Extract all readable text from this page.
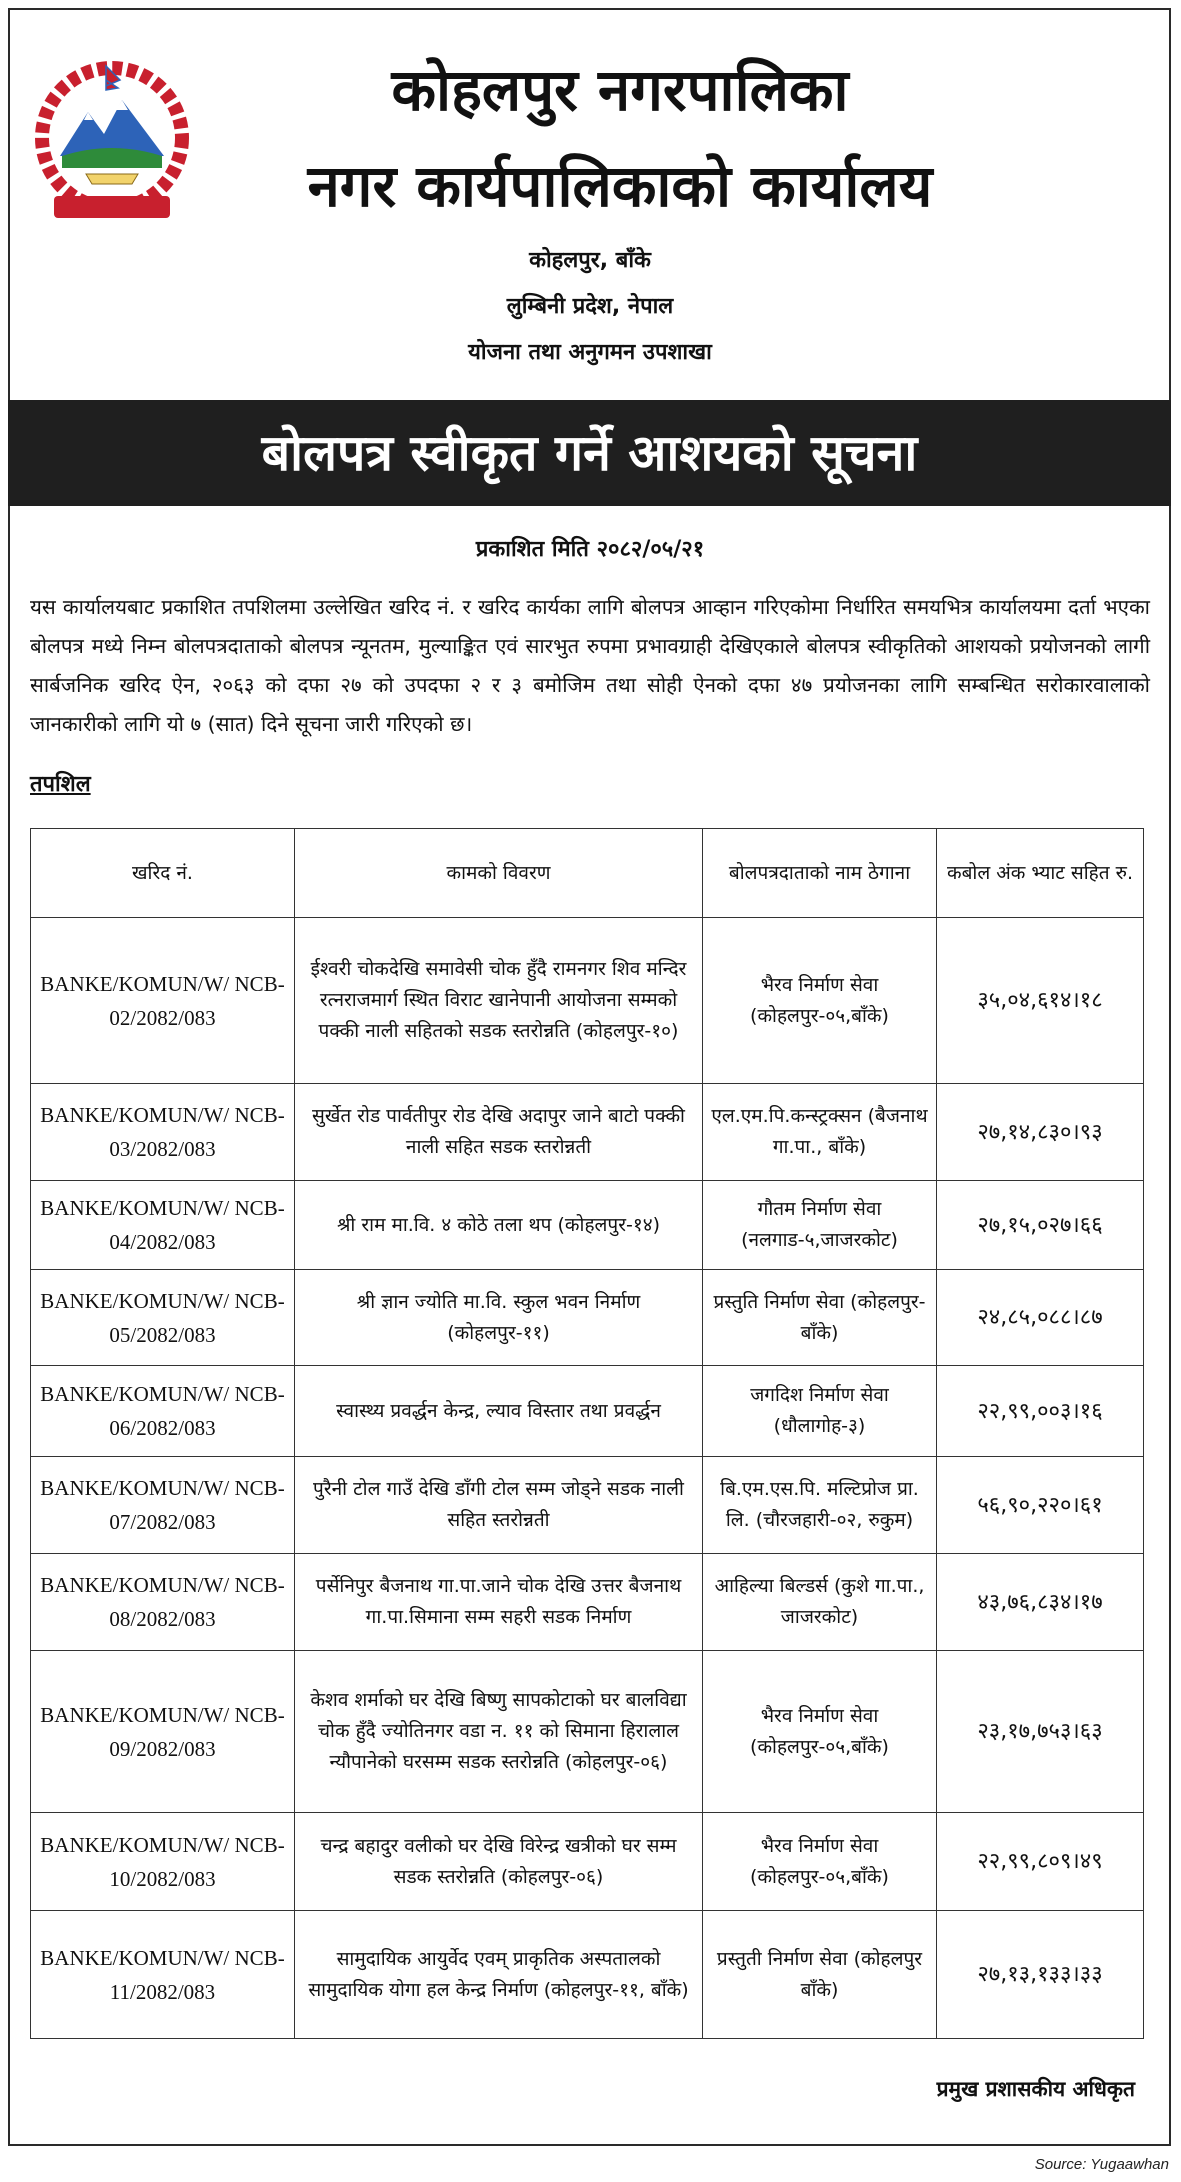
कोहलपुर नगरपालिका
नगर कार्यपालिकाको कार्यालय
कोहलपुर, बाँके
लुम्बिनी प्रदेश, नेपाल
योजना तथा अनुगमन उपशाखा
बोलपत्र स्वीकृत गर्ने आशयको सूचना
प्रकाशित मिति २०८२/०५/२१
यस कार्यालयबाट प्रकाशित तपशिलमा उल्लेखित खरिद नं. र खरिद कार्यका लागि बोलपत्र आव्हान गरिएकोमा निर्धारित समयभित्र कार्यालयमा दर्ता भएका बोलपत्र मध्ये निम्न बोलपत्रदाताको बोलपत्र न्यूनतम, मुल्याङ्कित एवं सारभुत रुपमा प्रभावग्राही देखिएकाले बोलपत्र स्वीकृतिको आशयको प्रयोजनको लागी सार्बजनिक खरिद ऐन, २०६३ को दफा २७ को उपदफा २ र ३ बमोजिम तथा सोही ऐनको दफा ४७ प्रयोजनका लागि सम्बन्धित सरोकारवालाको जानकारीको लागि यो ७ (सात) दिने सूचना जारी गरिएको छ।
तपशिल
खरिद नं.	कामको विवरण	बोलपत्रदाताको नाम ठेगाना	कबोल अंक भ्याट सहित रु.
BANKE/KOMUN/W/ NCB-02/2082/083	ईश्वरी चोकदेखि समावेसी चोक हुँदै रामनगर शिव मन्दिर रत्नराजमार्ग स्थित विराट खानेपानी आयोजना सम्मको पक्की नाली सहितको सडक स्तरोन्नति (कोहलपुर-१०)	भैरव निर्माण सेवा (कोहलपुर-०५,बाँके)	३५,०४,६१४।१८
BANKE/KOMUN/W/ NCB-03/2082/083	सुर्खेत रोड पार्वतीपुर रोड देखि अदापुर जाने बाटो पक्की नाली सहित सडक स्तरोन्नती	एल.एम.पि.कन्स्ट्रक्सन (बैजनाथ गा.पा., बाँके)	२७,१४,८३०।९३
BANKE/KOMUN/W/ NCB-04/2082/083	श्री राम मा.वि. ४ कोठे तला थप (कोहलपुर-१४)	गौतम निर्माण सेवा (नलगाड-५,जाजरकोट)	२७,१५,०२७।६६
BANKE/KOMUN/W/ NCB-05/2082/083	श्री ज्ञान ज्योति मा.वि. स्कुल भवन निर्माण (कोहलपुर-११)	प्रस्तुति निर्माण सेवा (कोहलपुर-बाँके)	२४,८५,०८८।८७
BANKE/KOMUN/W/ NCB-06/2082/083	स्वास्थ्य प्रवर्द्धन केन्द्र, ल्याव विस्तार तथा प्रवर्द्धन	जगदिश निर्माण सेवा (धौलागोह-३)	२२,९९,००३।१६
BANKE/KOMUN/W/ NCB-07/2082/083	पुरैनी टोल गाउँ देखि डाँगी टोल सम्म जोड्ने सडक नाली सहित स्तरोन्नती	बि.एम.एस.पि. मल्टिप्रोज प्रा. लि. (चौरजहारी-०२, रुकुम)	५६,९०,२२०।६१
BANKE/KOMUN/W/ NCB-08/2082/083	पर्सेनिपुर बैजनाथ गा.पा.जाने चोक देखि उत्तर बैजनाथ गा.पा.सिमाना सम्म सहरी सडक निर्माण	आहिल्या बिल्डर्स (कुशे गा.पा., जाजरकोट)	४३,७६,८३४।१७
BANKE/KOMUN/W/ NCB-09/2082/083	केशव शर्माको घर देखि बिष्णु सापकोटाको घर बालविद्या चोक हुँदै ज्योतिनगर वडा न. ११ को सिमाना हिरालाल न्यौपानेको घरसम्म सडक स्तरोन्नति (कोहलपुर-०६)	भैरव निर्माण सेवा (कोहलपुर-०५,बाँके)	२३,१७,७५३।६३
BANKE/KOMUN/W/ NCB-10/2082/083	चन्द्र बहादुर वलीको घर देखि विरेन्द्र खत्रीको घर सम्म सडक स्तरोन्नति (कोहलपुर-०६)	भैरव निर्माण सेवा (कोहलपुर-०५,बाँके)	२२,९९,८०९।४९
BANKE/KOMUN/W/ NCB-11/2082/083	सामुदायिक आयुर्वेद एवम् प्राकृतिक अस्पतालको सामुदायिक योगा हल केन्द्र निर्माण (कोहलपुर-११, बाँके)	प्रस्तुती निर्माण सेवा (कोहलपुर बाँके)	२७,१३,१३३।३३
प्रमुख प्रशासकीय अधिकृत
Source: Yugaawhan
